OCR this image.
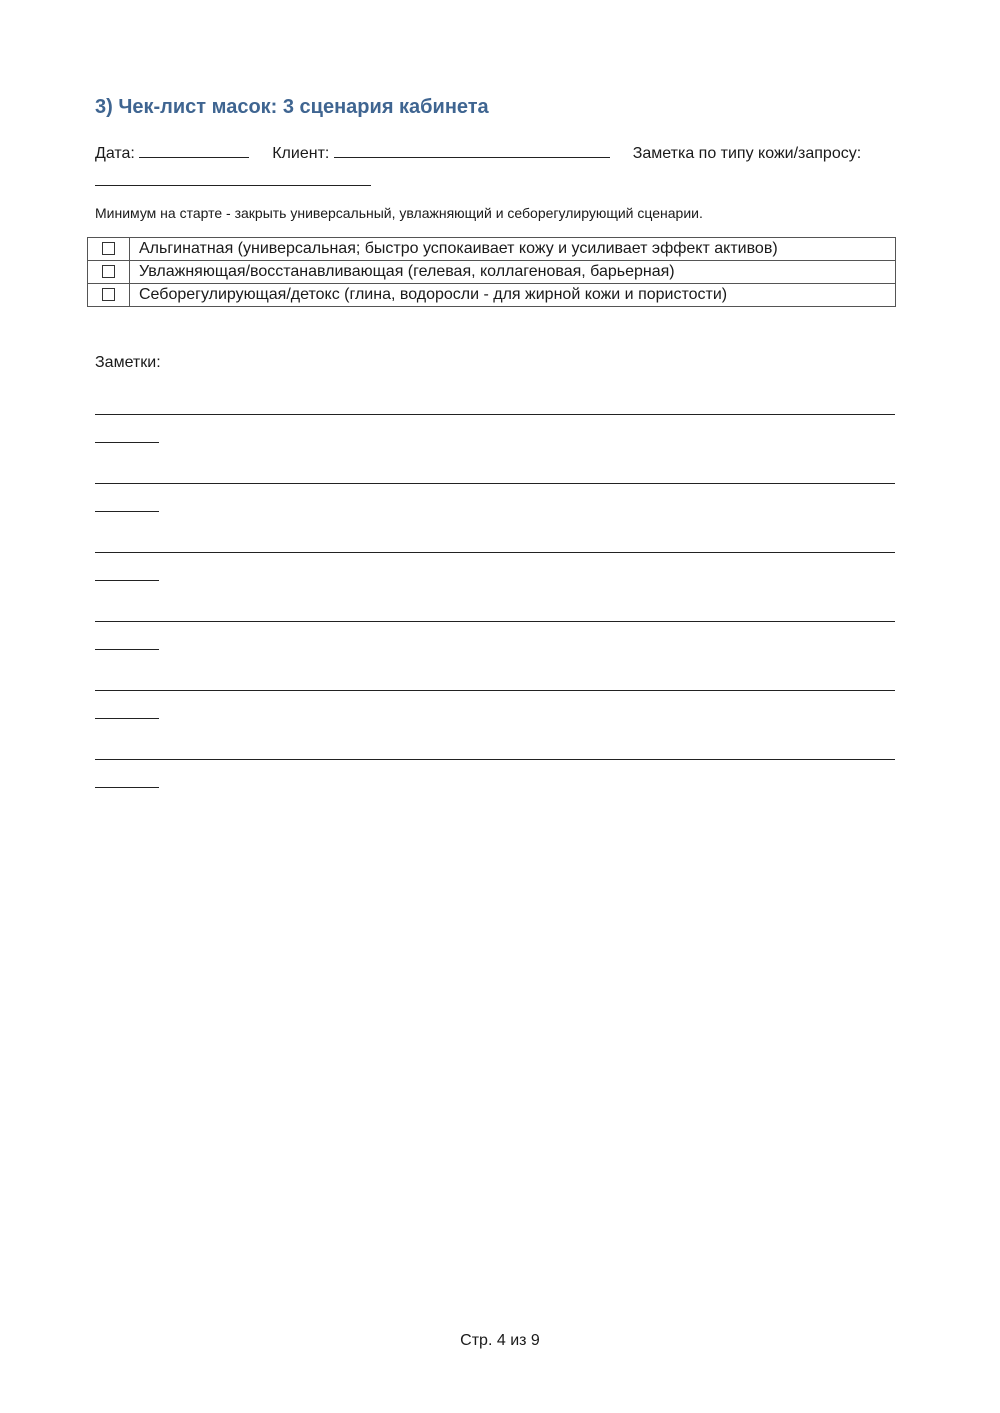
3) Чек-лист масок: 3 сценария кабинета
Дата:	Клиент:	Заметка по типу кожи/запросу:

Минимум на старте - закрыть универсальный, увлажняющий и себорегулирующий сценарии.
	Альгинатная (универсальная; быстро успокаивает кожу и усиливает эффект активов)
	Увлажняющая/восстанавливающая (гелевая, коллагеновая, барьерная)
	Себорегулирующая/детокс (глина, водоросли - для жирной кожи и пористости)
Заметки:
Стр. 4 из 9
